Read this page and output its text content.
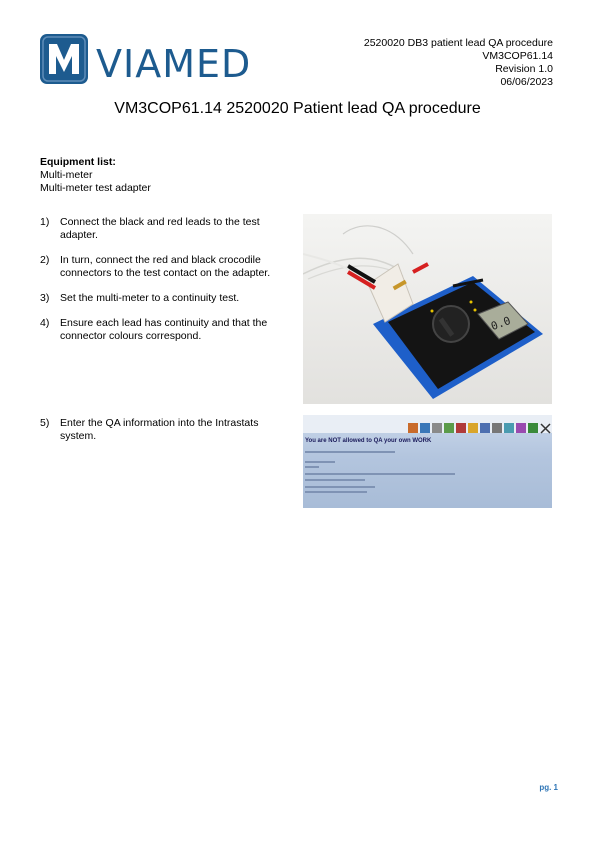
VIAMED	2520020 DB3 patient lead QA procedure
VM3COP61.14
Revision 1.0
06/06/2023
VM3COP61.14 2520020 Patient lead QA procedure
Equipment list:
Multi-meter
Multi-meter test adapter
1) Connect the black and red leads to the test adapter.
2) In turn, connect the red and black crocodile connectors to the test contact on the adapter.
3) Set the multi-meter to a continuity test.
4) Ensure each lead has continuity and that the connector colours correspond.
5) Enter the QA information into the Intrastats system.
0.0
You are NOT allowed to QA your own WORK
pg. 1
